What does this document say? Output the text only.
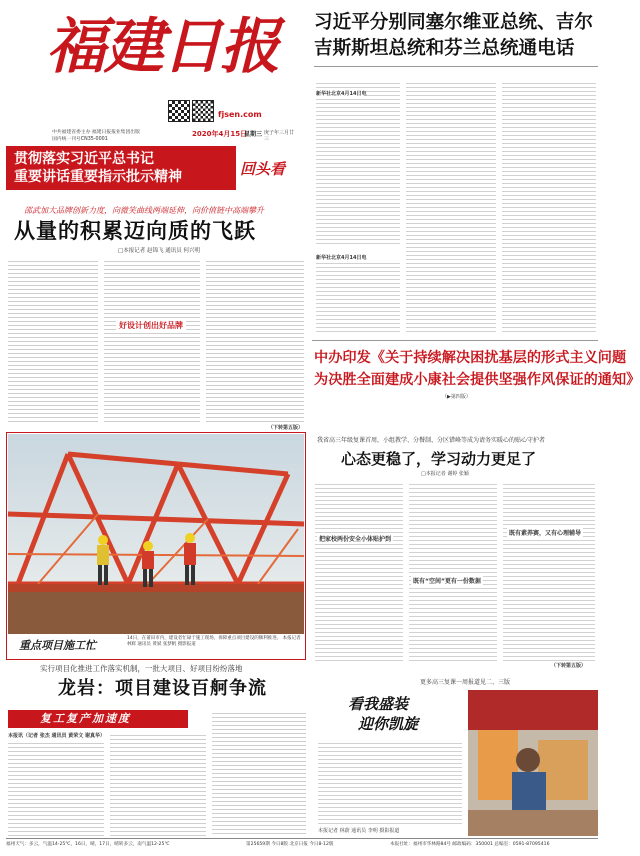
福建日报
fjsen.com
中共福建省委主办 福建日报报业集团出版
国内统一刊号CN35-0001
2020年4月15日
星期三 庚子年三月廿三
习近平分别同塞尔维亚总统、吉尔
吉斯斯坦总统和芬兰总统通电话
新华社北京4月14日电
新华社北京4月14日电
中办印发《关于持续解决困扰基层的形式主义问题
为决胜全面建成小康社会提供坚强作风保证的通知》
（▶第四版）
贯彻落实习近平总书记
重要讲话重要指示批示精神	回头看
邵武加大品牌创新力度，向微笑曲线两端延伸，向价值链中高端攀升
从量的积累迈向质的飞跃
□本报记者 赵锦飞 通讯员 何兴明
好设计创出好品牌
（下转第五版）
重点项目施工忙
14日，在莆田市内，建设者忙碌于施工现场，保障重点项目建设的顺利推进。 本报记者 林辉 通讯员 黄斌 张梦帆 摄影报道
我省高三年级复课首周，小组教学、分餐制、分区错峰等成为请务实暖心的贴心守护者
心态更稳了，学习动力更足了
□本报记者 谢婷 张颖
把家校两份安全小体贴护到
既有“空间”更有一份数据
既有素养赛，又有心理辅导
（下转第五版）
更多高三复课一周报道见二、三版
实行项目化推进工作落实机制，一批大项目、好项目纷纷落地
龙岩：项目建设百舸争流
复工复产加速度
本报讯（记者 张杰 通讯员 黄荣文 谢真华）
看我盛装
迎你凯旋
本报记者 林蔚 通讯员 李明 摄影报道
福州天气：多云，气温14-25℃，16日，晴，17日，晴转多云，南气温12-25℃	第25659期 今日8版 北京日报 今日8-12版	本报社址：福州市华林路84号 邮政编码：350001 总编室：0591-87095416
